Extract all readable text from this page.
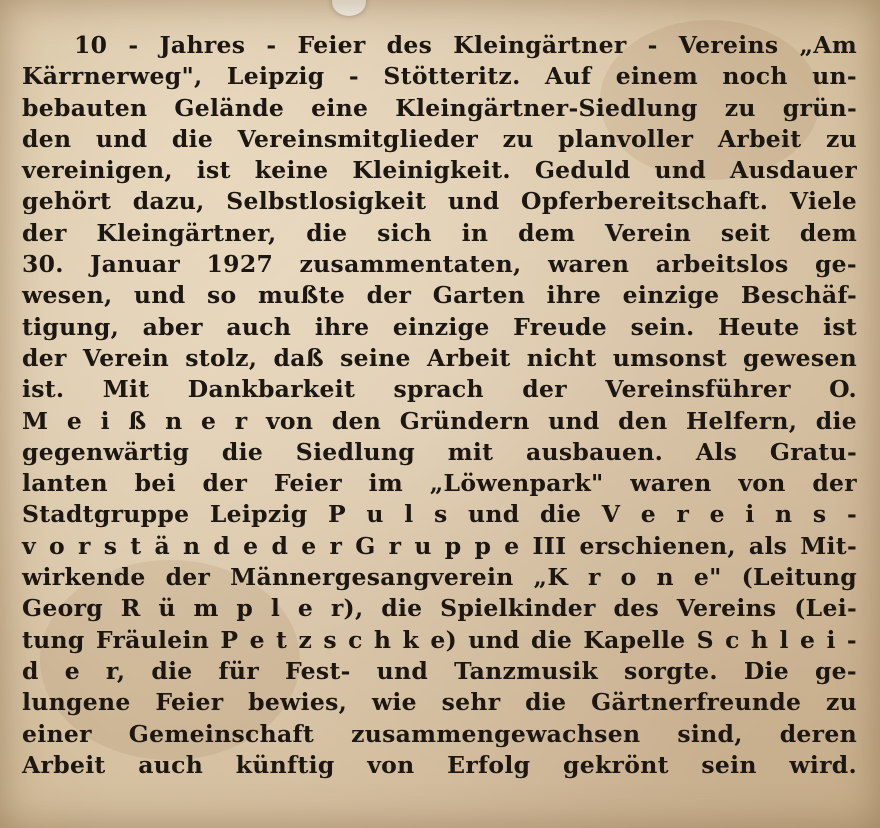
10 - Jahres - Feier des Kleingärtner - Vereins „Am
Kärrnerweg", Leipzig - Stötteritz. Auf einem noch un-
bebauten Gelände eine Kleingärtner-Siedlung zu grün-
den und die Vereinsmitglieder zu planvoller Arbeit zu
vereinigen, ist keine Kleinigkeit. Geduld und Ausdauer
gehört dazu, Selbstlosigkeit und Opferbereitschaft. Viele
der Kleingärtner, die sich in dem Verein seit dem
30. Januar 1927 zusammentaten, waren arbeitslos ge-
wesen, und so mußte der Garten ihre einzige Beschäf-
tigung, aber auch ihre einzige Freude sein. Heute ist
der Verein stolz, daß seine Arbeit nicht umsonst gewesen
ist. Mit Dankbarkeit sprach der Vereinsführer O.
M e i ß n e r von den Gründern und den Helfern, die
gegenwärtig die Siedlung mit ausbauen. Als Gratu-
lanten bei der Feier im „Löwenpark" waren von der
Stadtgruppe Leipzig P u l s und die V e r e i n s -
v o r s t ä n d e d e r G r u p p e III erschienen, als Mit-
wirkende der Männergesangverein „K r o n e" (Leitung
Georg R ü m p l e r), die Spielkinder des Vereins (Lei-
tung Fräulein P e t z s c h k e) und die Kapelle S c h l e i -
d e r, die für Fest- und Tanzmusik sorgte. Die ge-
lungene Feier bewies, wie sehr die Gärtnerfreunde zu
einer Gemeinschaft zusammengewachsen sind, deren
Arbeit auch künftig von Erfolg gekrönt sein wird.
